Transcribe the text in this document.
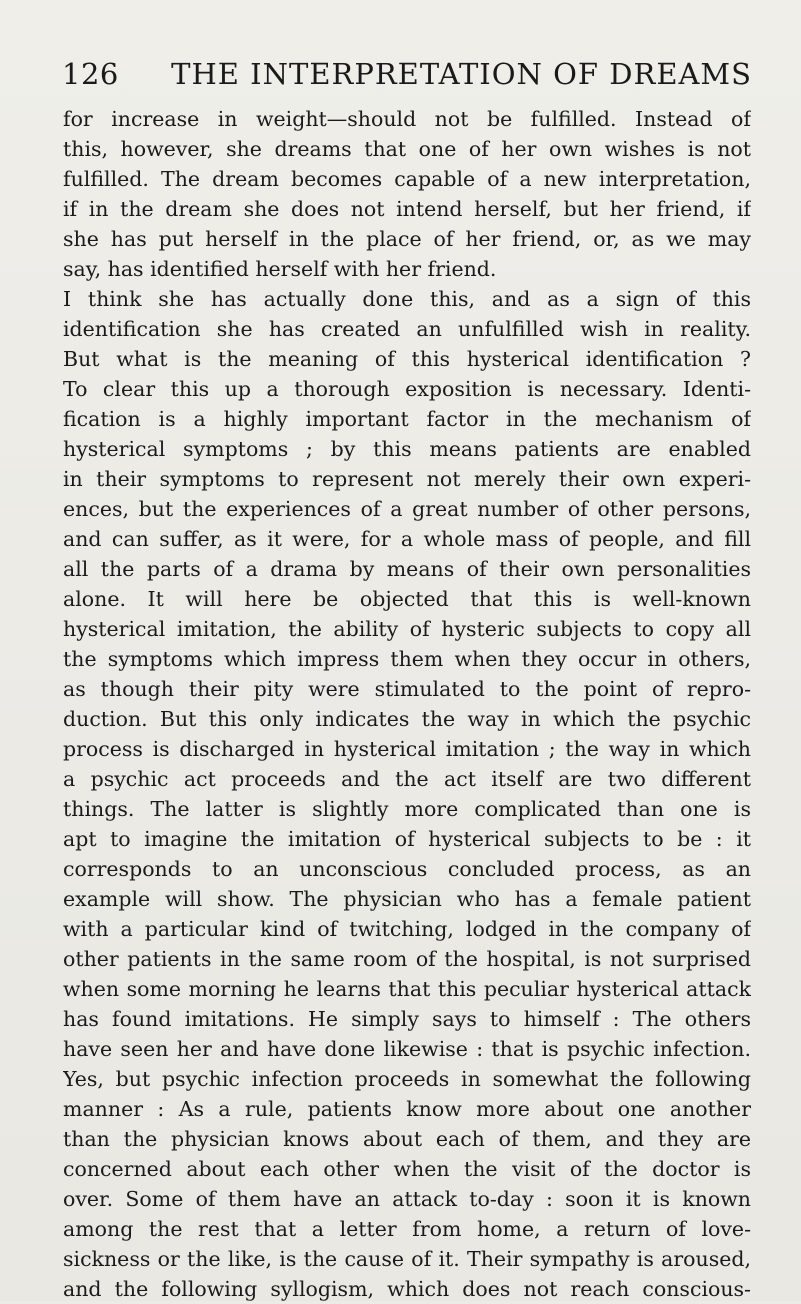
126	THE INTERPRETATION OF DREAMS
for increase in weight—should not be fulfilled. Instead of
this, however, she dreams that one of her own wishes is not
fulfilled. The dream becomes capable of a new interpretation,
if in the dream she does not intend herself, but her friend, if
she has put herself in the place of her friend, or, as we may
say, has identified herself with her friend.
I think she has actually done this, and as a sign of this
identification she has created an unfulfilled wish in reality.
But what is the meaning of this hysterical identification ?
To clear this up a thorough exposition is necessary. Identi-
fication is a highly important factor in the mechanism of
hysterical symptoms ; by this means patients are enabled
in their symptoms to represent not merely their own experi-
ences, but the experiences of a great number of other persons,
and can suffer, as it were, for a whole mass of people, and fill
all the parts of a drama by means of their own personalities
alone. It will here be objected that this is well-known
hysterical imitation, the ability of hysteric subjects to copy all
the symptoms which impress them when they occur in others,
as though their pity were stimulated to the point of repro-
duction. But this only indicates the way in which the psychic
process is discharged in hysterical imitation ; the way in which
a psychic act proceeds and the act itself are two different
things. The latter is slightly more complicated than one is
apt to imagine the imitation of hysterical subjects to be : it
corresponds to an unconscious concluded process, as an
example will show. The physician who has a female patient
with a particular kind of twitching, lodged in the company of
other patients in the same room of the hospital, is not surprised
when some morning he learns that this peculiar hysterical attack
has found imitations. He simply says to himself : The others
have seen her and have done likewise : that is psychic infection.
Yes, but psychic infection proceeds in somewhat the following
manner : As a rule, patients know more about one another
than the physician knows about each of them, and they are
concerned about each other when the visit of the doctor is
over. Some of them have an attack to-day : soon it is known
among the rest that a letter from home, a return of love-
sickness or the like, is the cause of it. Their sympathy is aroused,
and the following syllogism, which does not reach conscious-
